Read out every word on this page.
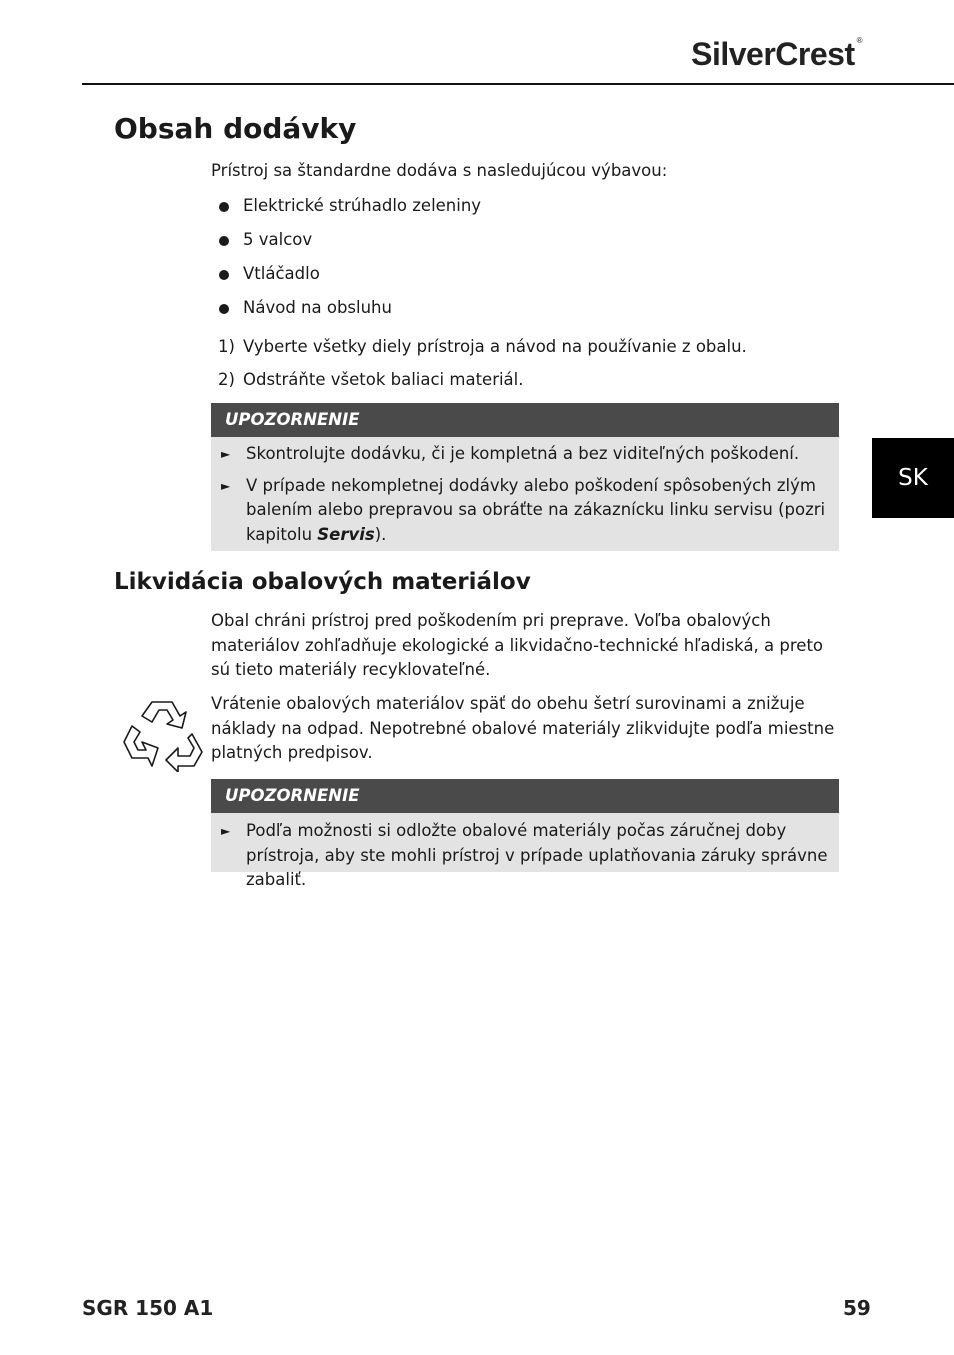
SilverCrest ®
SK
Obsah dodávky
Prístroj sa štandardne dodáva s nasledujúcou výbavou:
Elektrické strúhadlo zeleniny
5 valcov
Vtláčadlo
Návod na obsluhu
1) Vyberte všetky diely prístroja a návod na používanie z obalu.
2) Odstráňte všetok baliaci materiál.
UPOZORNENIE
► Skontrolujte dodávku, či je kompletná a bez viditeľných poškodení.
► V prípade nekompletnej dodávky alebo poškodení spôsobených zlým balením alebo prepravou sa obráťte na zákaznícku linku servisu (pozri kapitolu Servis).
Likvidácia obalových materiálov
Obal chráni prístroj pred poškodením pri preprave. Voľba obalových materiálov zohľadňuje ekologické a likvidačno-technické hľadiská, a preto sú tieto materiály recyklovateľné.
Vrátenie obalových materiálov späť do obehu šetrí surovinami a znižuje náklady na odpad. Nepotrebné obalové materiály zlikvidujte podľa miestne platných predpisov.
UPOZORNENIE
► Podľa možnosti si odložte obalové materiály počas záručnej doby prístroja, aby ste mohli prístroj v prípade uplatňovania záruky správne zabaliť.
SGR 150 A1	59
